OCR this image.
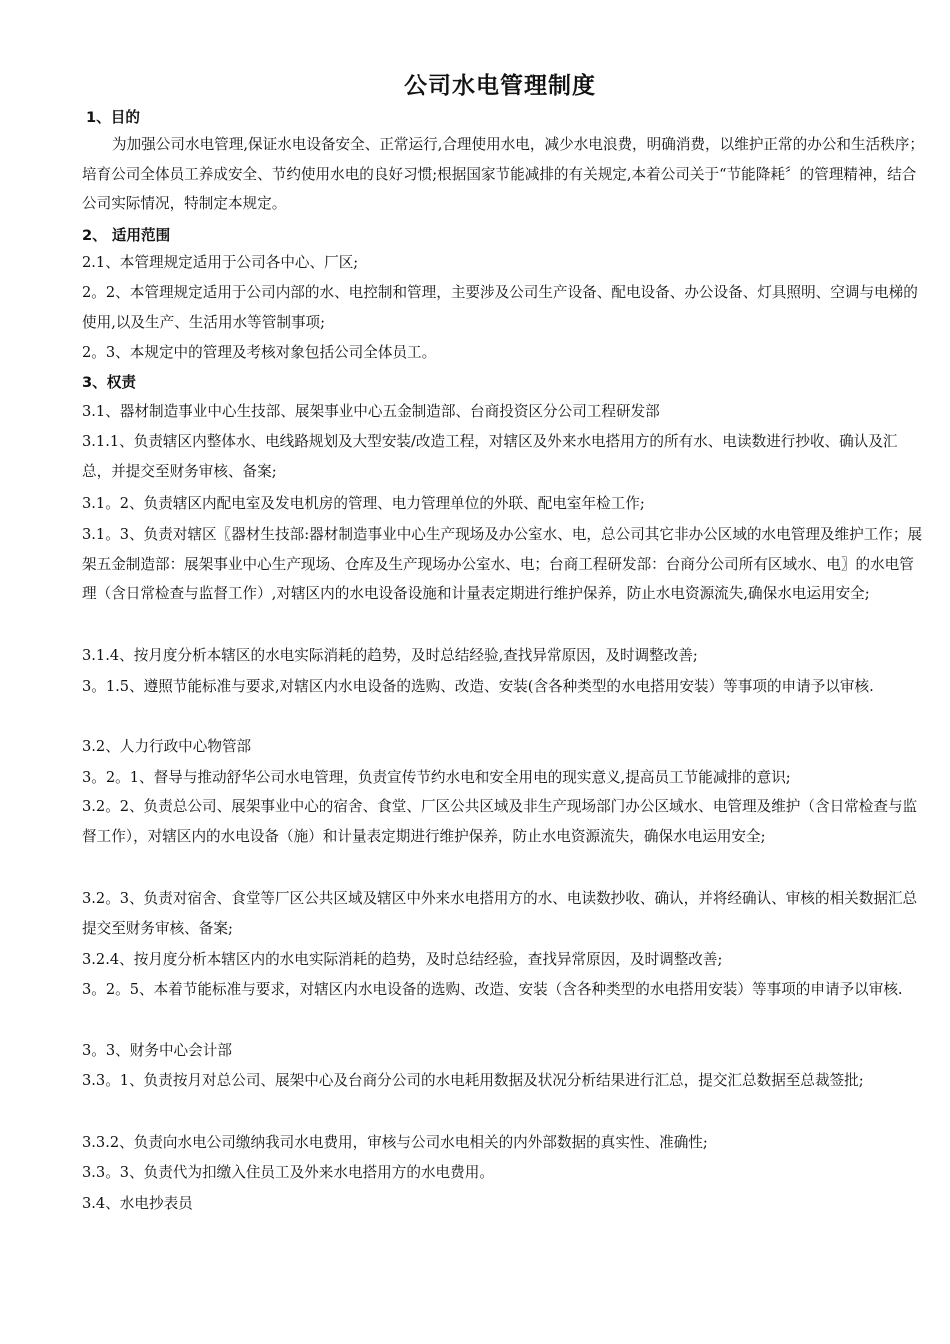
公司水电管理制度
1、目的
为加强公司水电管理,保证水电设备安全、正常运行,合理使用水电，减少水电浪费，明确消费，以维护正常的办公和生活秩序；培育公司全体员工养成安全、节约使用水电的良好习惯;根据国家节能减排的有关规定,本着公司关于“节能降耗〞的管理精神，结合公司实际情况，特制定本规定。
2、 适用范围
2.1、本管理规定适用于公司各中心、厂区;
2。2、本管理规定适用于公司内部的水、电控制和管理，主要涉及公司生产设备、配电设备、办公设备、灯具照明、空调与电梯的使用,以及生产、生活用水等管制事项;
2。3、本规定中的管理及考核对象包括公司全体员工。
3、权责
3.1、器材制造事业中心生技部、展架事业中心五金制造部、台商投资区分公司工程研发部
3.1.1、负责辖区内整体水、电线路规划及大型安装/改造工程，对辖区及外来水电搭用方的所有水、电读数进行抄收、确认及汇总，并提交至财务审核、备案;
3.1。2、负责辖区内配电室及发电机房的管理、电力管理单位的外联、配电室年检工作;
3.1。3、负责对辖区〖器材生技部:器材制造事业中心生产现场及办公室水、电，总公司其它非办公区域的水电管理及维护工作；展架五金制造部：展架事业中心生产现场、仓库及生产现场办公室水、电；台商工程研发部：台商分公司所有区域水、电〗的水电管理（含日常检查与监督工作）,对辖区内的水电设备设施和计量表定期进行维护保养，防止水电资源流失,确保水电运用安全;
3.1.4、按月度分析本辖区的水电实际消耗的趋势，及时总结经验,查找异常原因，及时调整改善;
3。1.5、遵照节能标准与要求,对辖区内水电设备的选购、改造、安装(含各种类型的水电搭用安装）等事项的申请予以审核.
3.2、人力行政中心物管部
3。2。1、督导与推动舒华公司水电管理，负责宣传节约水电和安全用电的现实意义,提高员工节能减排的意识;
3.2。2、负责总公司、展架事业中心的宿舍、食堂、厂区公共区域及非生产现场部门办公区域水、电管理及维护（含日常检查与监督工作），对辖区内的水电设备（施）和计量表定期进行维护保养，防止水电资源流失，确保水电运用安全;
3.2。3、负责对宿舍、食堂等厂区公共区域及辖区中外来水电搭用方的水、电读数抄收、确认，并将经确认、审核的相关数据汇总提交至财务审核、备案;
3.2.4、按月度分析本辖区内的水电实际消耗的趋势，及时总结经验，查找异常原因，及时调整改善;
3。2。5、本着节能标准与要求，对辖区内水电设备的选购、改造、安装（含各种类型的水电搭用安装）等事项的申请予以审核.
3。3、财务中心会计部
3.3。1、负责按月对总公司、展架中心及台商分公司的水电耗用数据及状况分析结果进行汇总，提交汇总数据至总裁签批;
3.3.2、负责向水电公司缴纳我司水电费用，审核与公司水电相关的内外部数据的真实性、准确性;
3.3。3、负责代为扣缴入住员工及外来水电搭用方的水电费用。
3.4、水电抄表员
